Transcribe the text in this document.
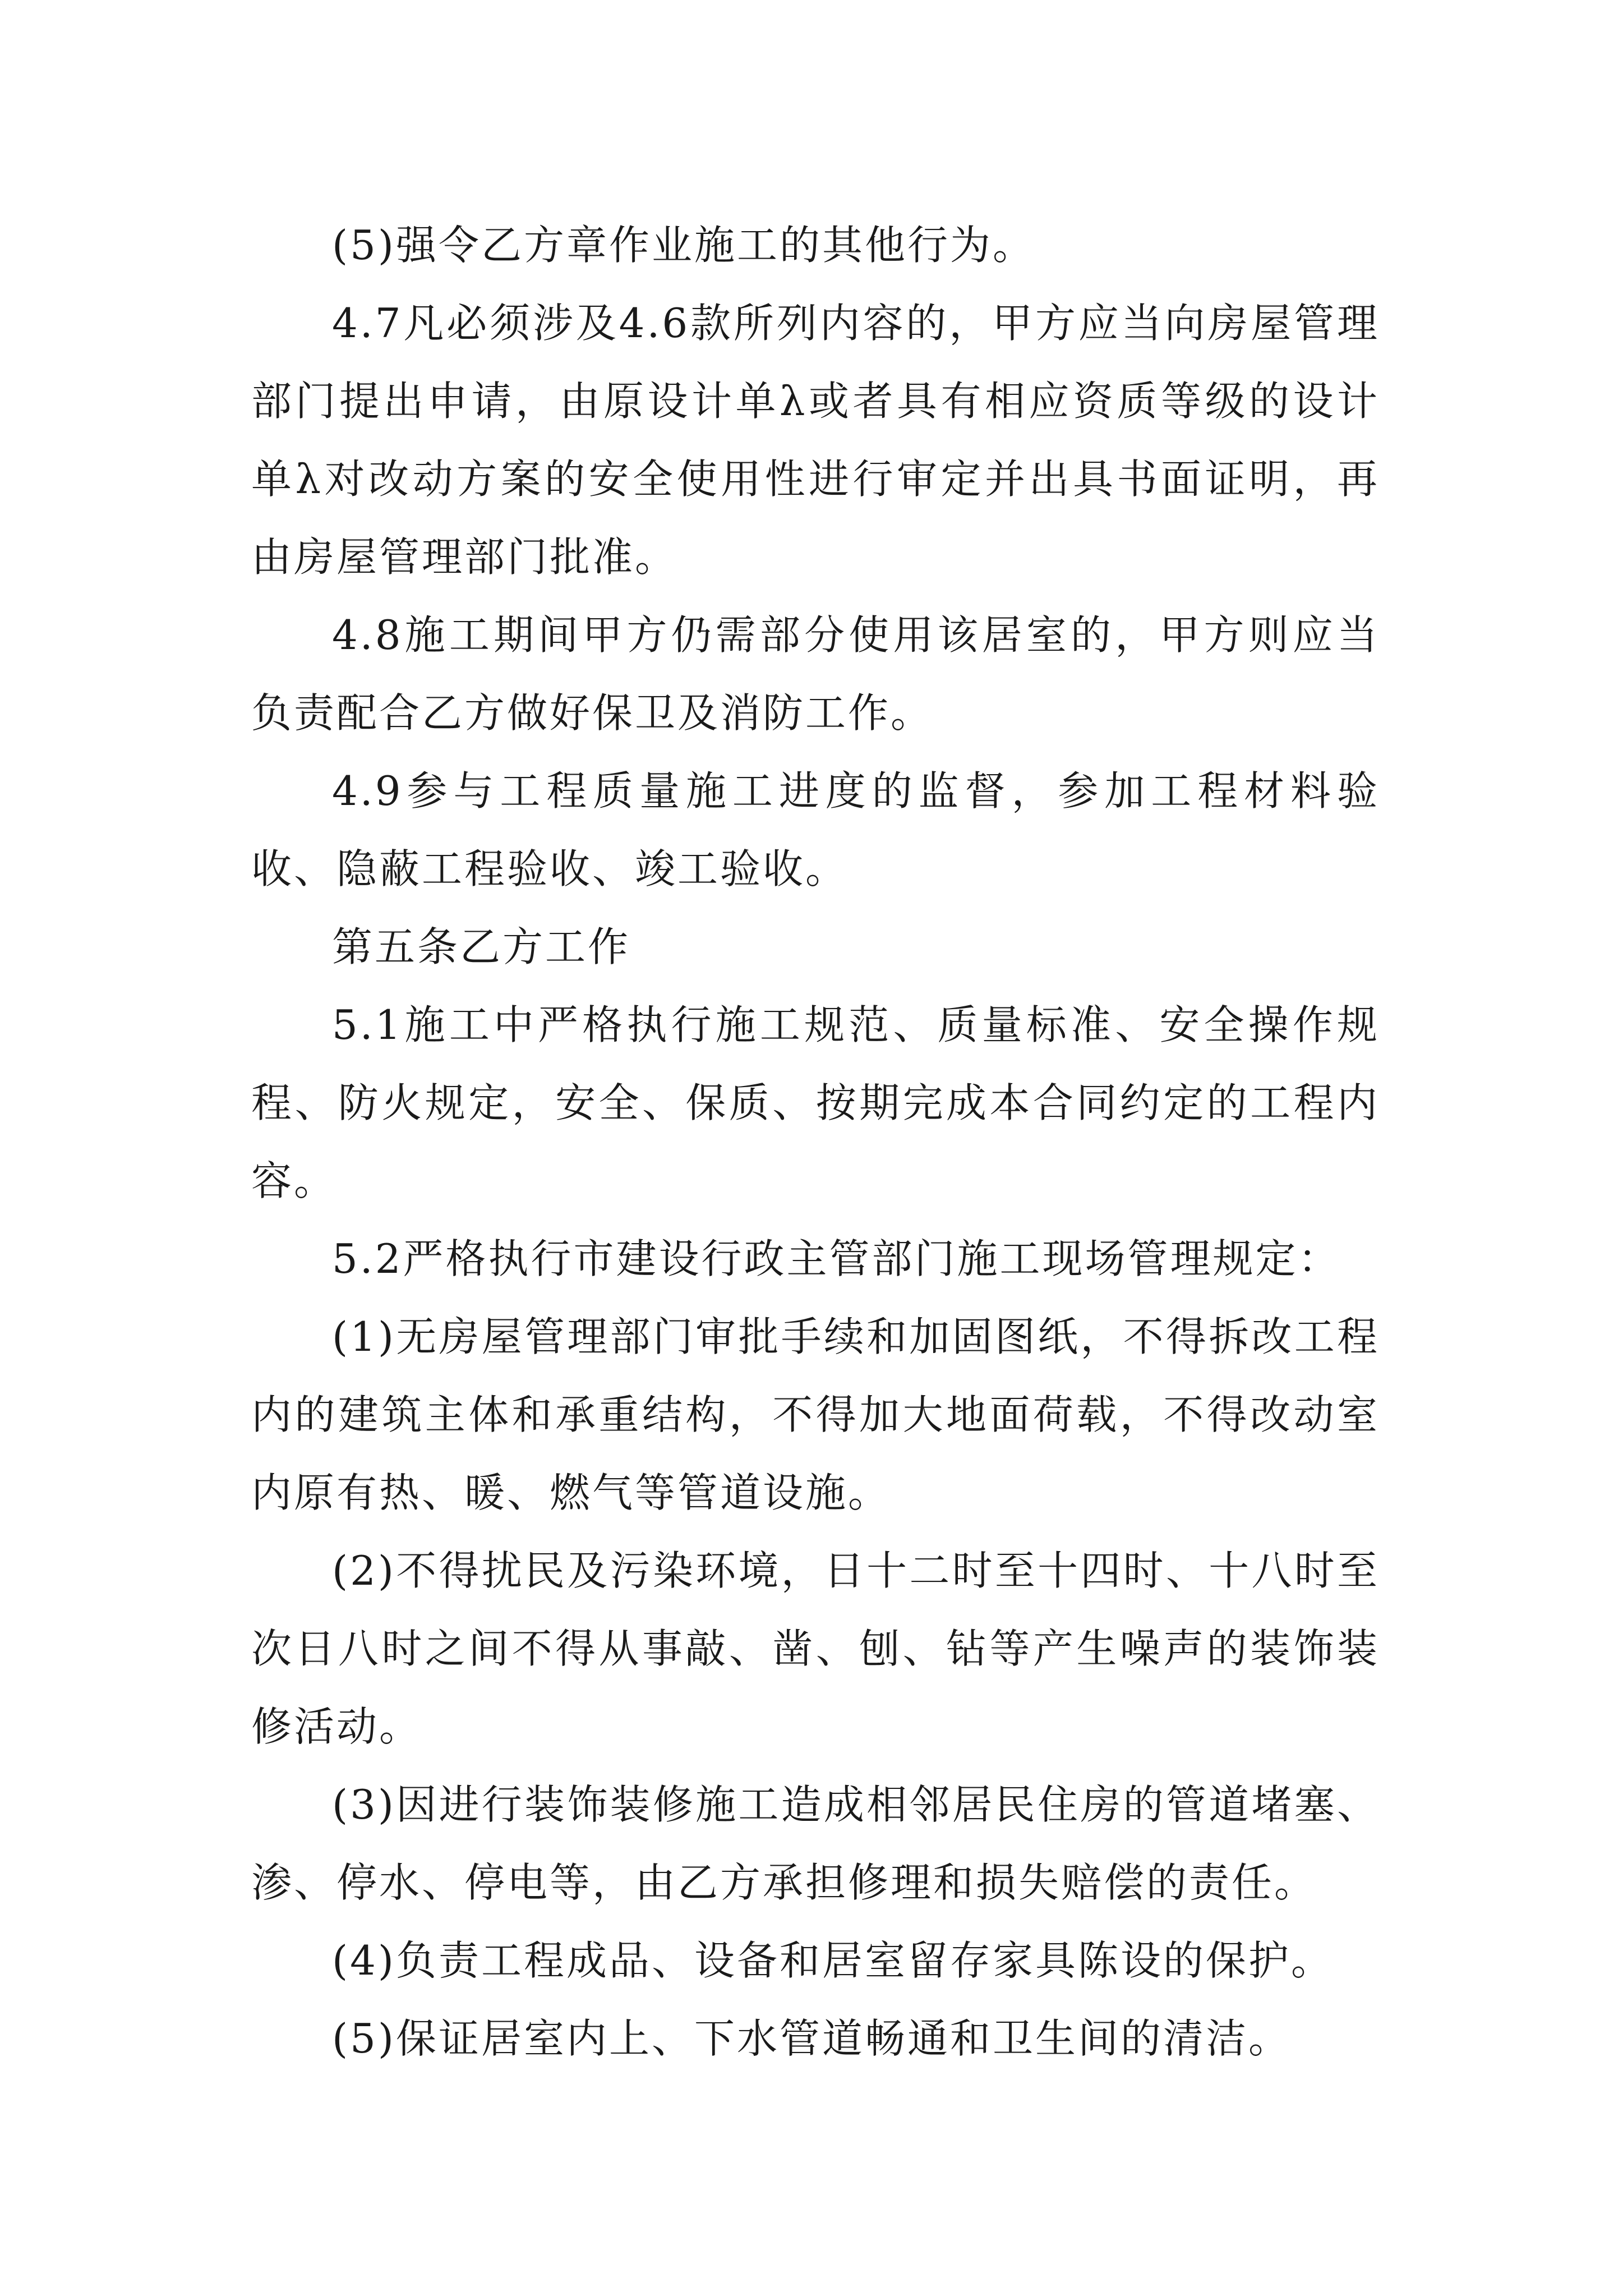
(5)强令乙方章作业施工的其他行为。

4.7凡必须涉及4.6款所列内容的，甲方应当向房屋管理部门提出申请，由原设计单λ或者具有相应资质等级的设计单λ对改动方案的安全使用性进行审定并出具书面证明，再由房屋管理部门批准。

4.8施工期间甲方仍需部分使用该居室的，甲方则应当负责配合乙方做好保卫及消防工作。

4.9参与工程质量施工进度的监督，参加工程材料验收、隐蔽工程验收、竣工验收。

第五条乙方工作

5.1施工中严格执行施工规范、质量标准、安全操作规程、防火规定，安全、保质、按期完成本合同约定的工程内容。

5.2严格执行市建设行政主管部门施工现场管理规定：

(1)无房屋管理部门审批手续和加固图纸，不得拆改工程内的建筑主体和承重结构，不得加大地面荷载，不得改动室内原有热、暖、燃气等管道设施。

(2)不得扰民及污染环境，日十二时至十四时、十八时至次日八时之间不得从事敲、凿、刨、钻等产生噪声的装饰装修活动。

(3)因进行装饰装修施工造成相邻居民住房的管道堵塞、渗、停水、停电等，由乙方承担修理和损失赔偿的责任。

(4)负责工程成品、设备和居室留存家具陈设的保护。

(5)保证居室内上、下水管道畅通和卫生间的清洁。
